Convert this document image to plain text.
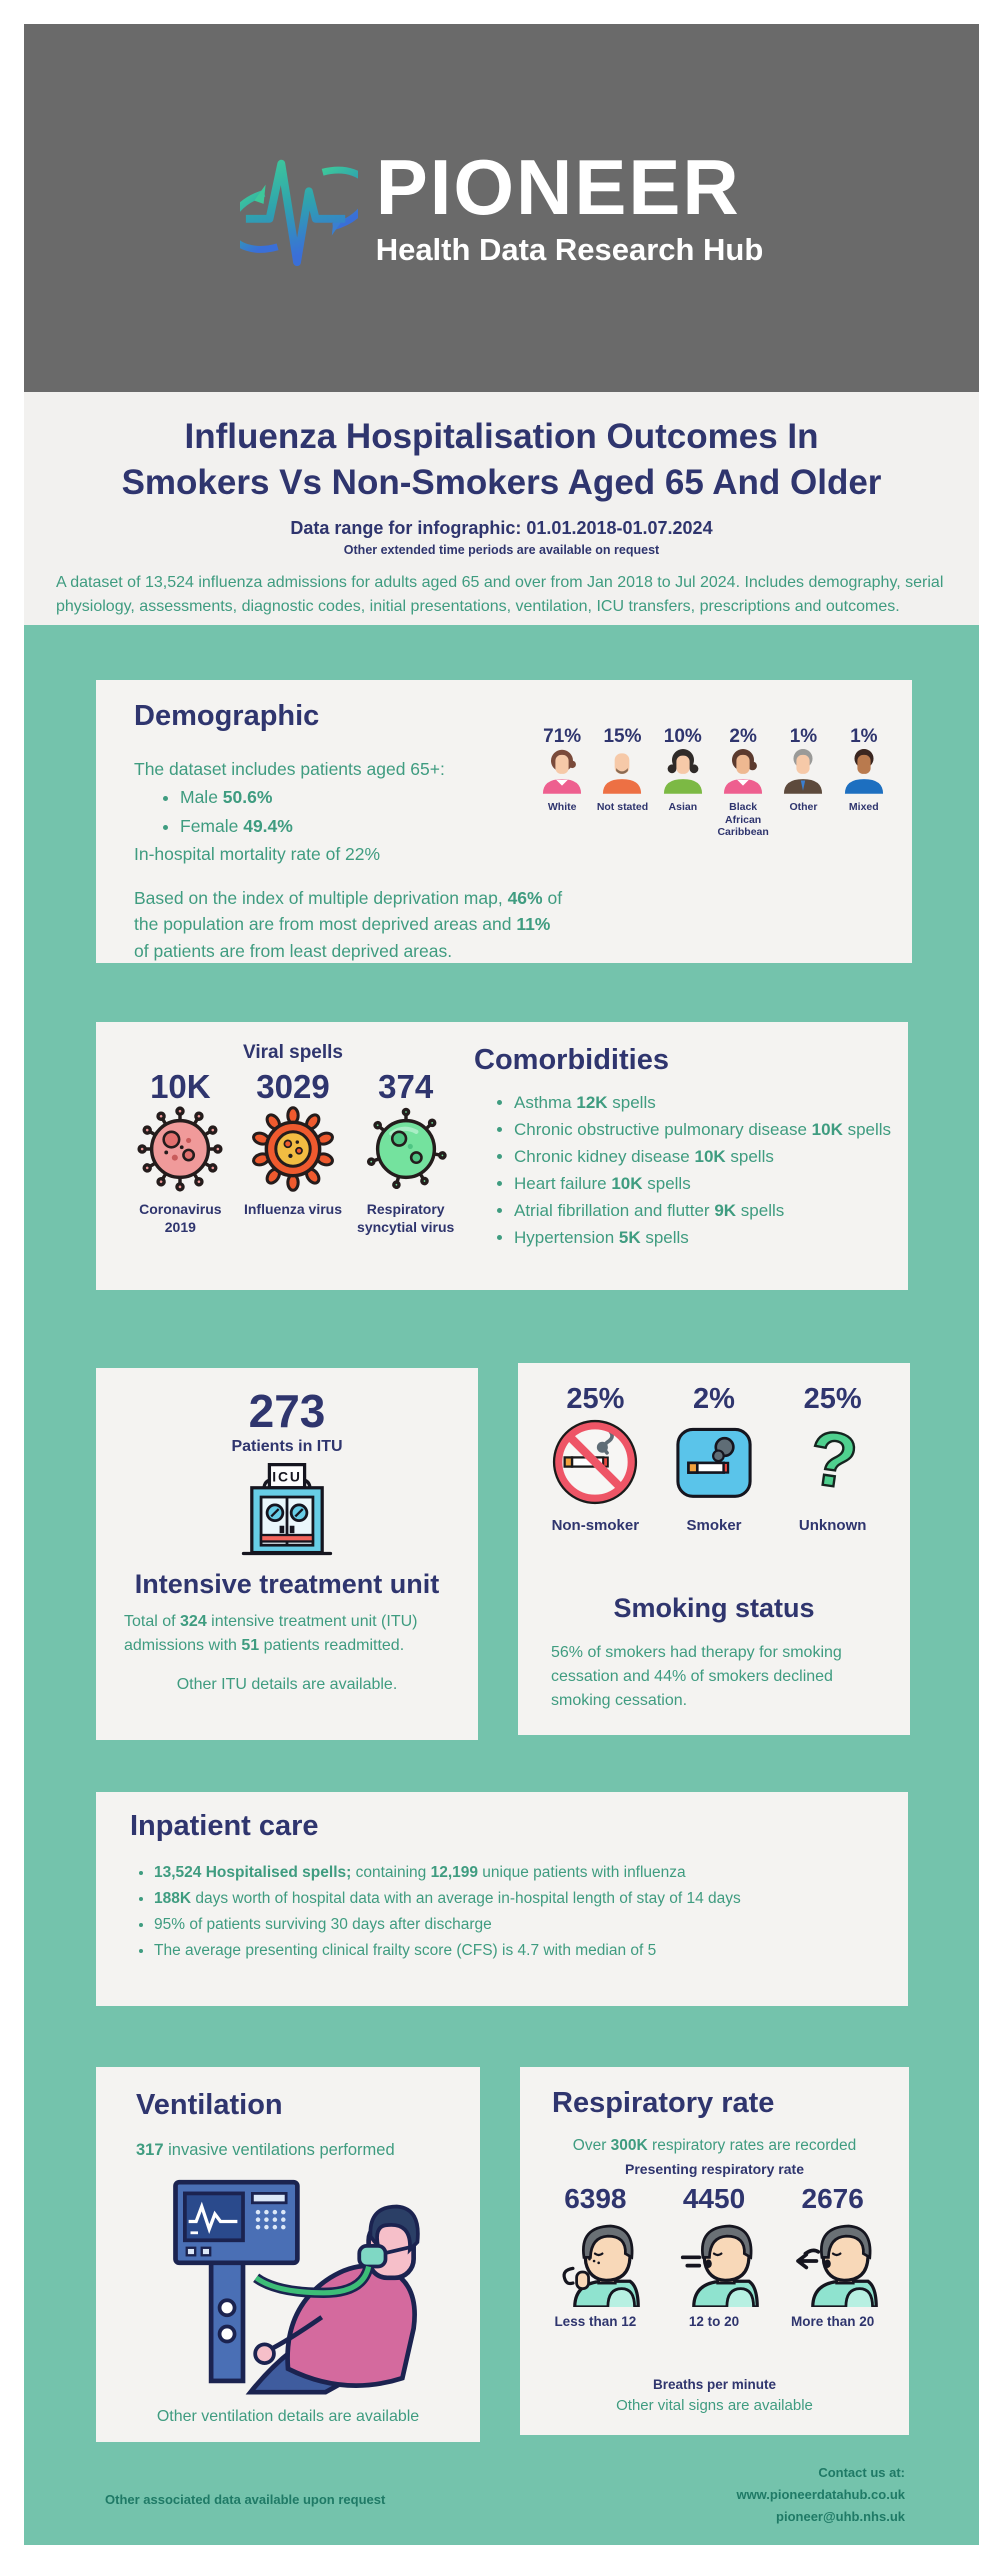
PIONEER
Health Data Research Hub
Influenza Hospitalisation Outcomes In
Smokers Vs Non-Smokers Aged 65 And Older
Data range for infographic: 01.01.2018-01.07.2024
Other extended time periods are available on request
A dataset of 13,524 influenza admissions for adults aged 65 and over from Jan 2018 to Jul 2024. Includes demography, serial physiology, assessments, diagnostic codes, initial presentations, ventilation, ICU transfers, prescriptions and outcomes.
Demographic
The dataset includes patients aged 65+:
• Male 50.6%
• Female 49.4%
In-hospital mortality rate of 22%
Based on the index of multiple deprivation map, 46% of the population are from most deprived areas and 11% of patients are from least deprived areas.
71%
White
15%
Not stated
10%
Asian
2%
Black African Caribbean
1%
Other
1%
Mixed
Viral spells
10K
Coronavirus 2019
3029
Influenza virus
374
Respiratory syncytial virus
Comorbidities
• Asthma 12K spells
• Chronic obstructive pulmonary disease 10K spells
• Chronic kidney disease 10K spells
• Heart failure 10K spells
• Atrial fibrillation and flutter 9K spells
• Hypertension 5K spells
273
Patients in ITU
ICU
Intensive treatment unit
Total of 324 intensive treatment unit (ITU) admissions with 51 patients readmitted.
Other ITU details are available.
25%
Non-smoker
2%
Smoker
25%
?
Unknown
Smoking status
56% of smokers had therapy for smoking cessation and 44% of smokers declined smoking cessation.
Inpatient care
• 13,524 Hospitalised spells; containing 12,199 unique patients with influenza
• 188K days worth of hospital data with an average in-hospital length of stay of 14 days
• 95% of patients surviving 30 days after discharge
• The average presenting clinical frailty score (CFS) is 4.7 with median of 5
Ventilation
317 invasive ventilations performed
Other ventilation details are available
Respiratory rate
Over 300K respiratory rates are recorded
Presenting respiratory rate
6398
Less than 12
4450
12 to 20
2676
More than 20
Breaths per minute
Other vital signs are available
Other associated data available upon request
Contact us at:
www.pioneerdatahub.co.uk
pioneer@uhb.nhs.uk
